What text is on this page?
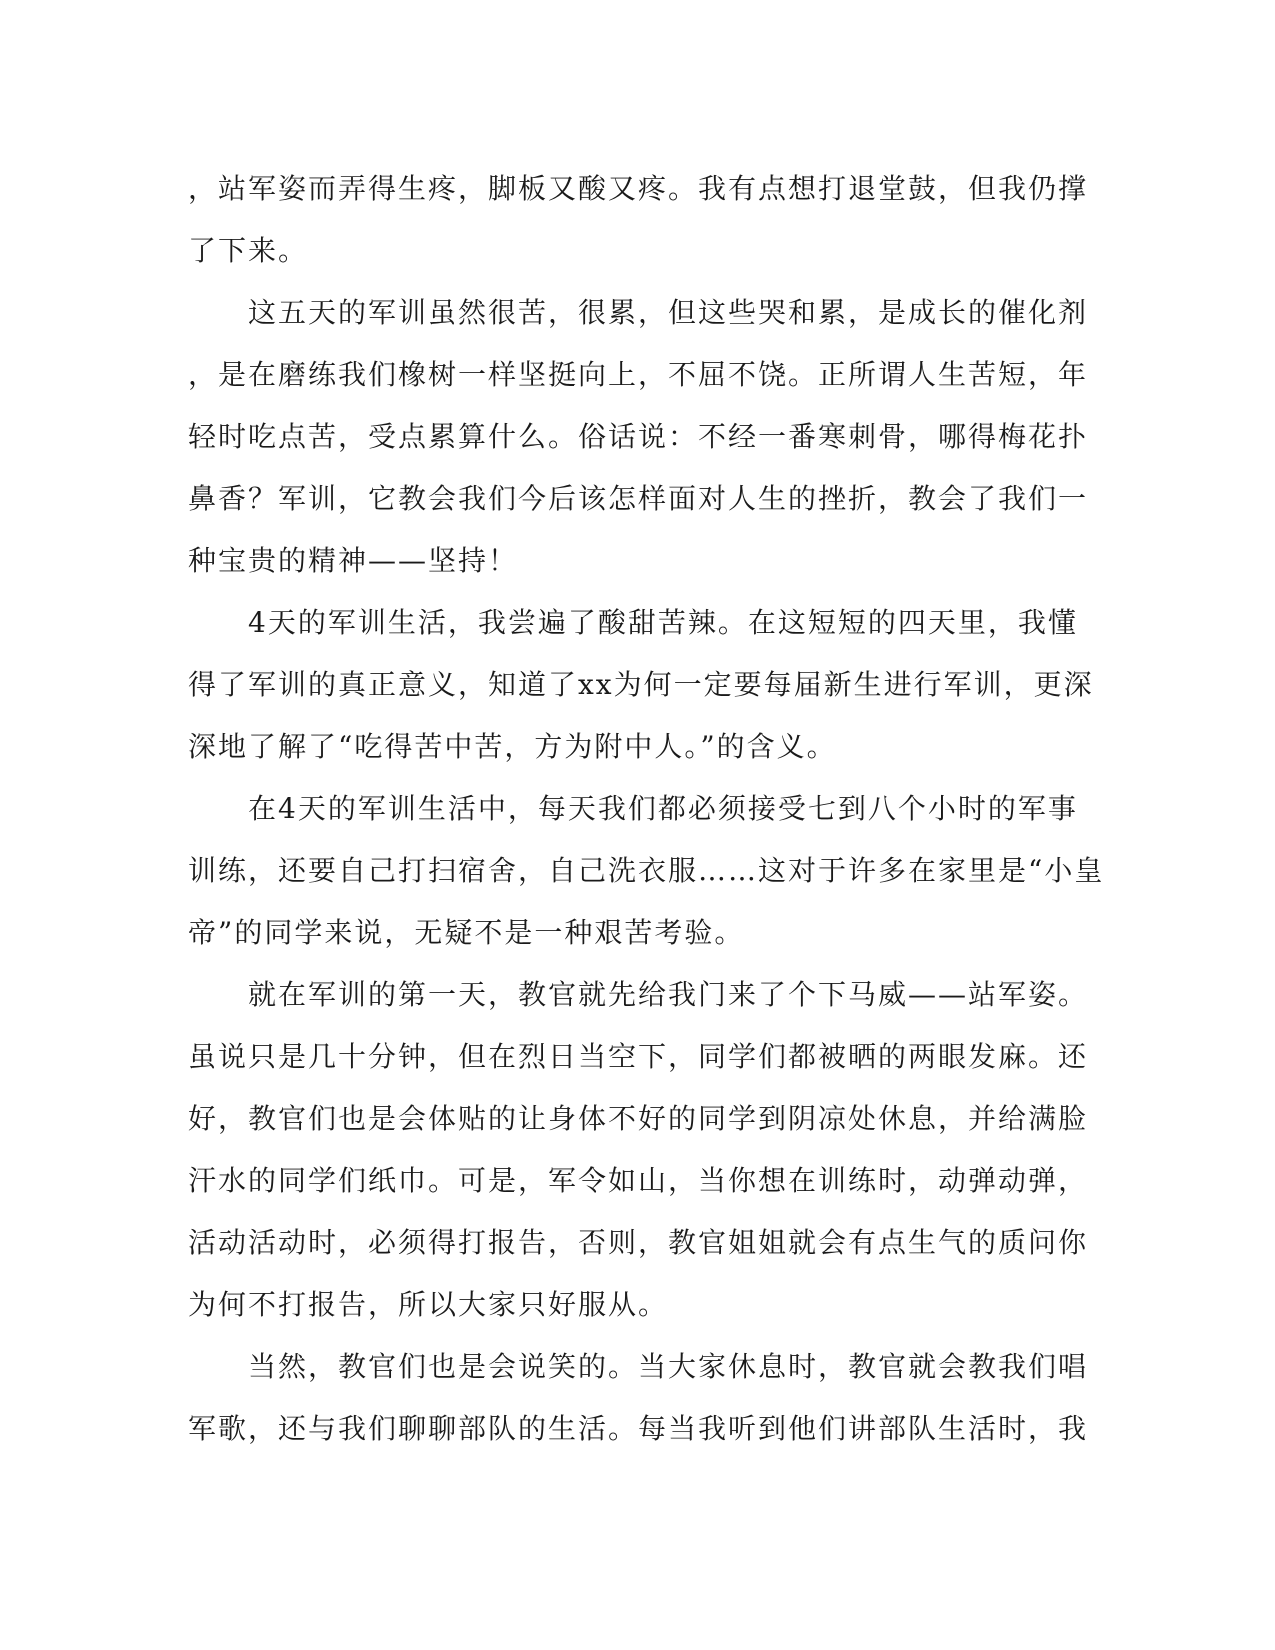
，站军姿而弄得生疼，脚板又酸又疼。我有点想打退堂鼓，但我仍撑
了下来。
　　这五天的军训虽然很苦，很累，但这些哭和累，是成长的催化剂
，是在磨练我们橡树一样坚挺向上，不屈不饶。正所谓人生苦短，年
轻时吃点苦，受点累算什么。俗话说：不经一番寒刺骨，哪得梅花扑
鼻香？军训，它教会我们今后该怎样面对人生的挫折，教会了我们一
种宝贵的精神——坚持！
　　4天的军训生活，我尝遍了酸甜苦辣。在这短短的四天里，我懂
得了军训的真正意义，知道了xx为何一定要每届新生进行军训，更深
深地了解了“吃得苦中苦，方为附中人。”的含义。
　　在4天的军训生活中，每天我们都必须接受七到八个小时的军事
训练，还要自己打扫宿舍，自己洗衣服……这对于许多在家里是“小皇
帝”的同学来说，无疑不是一种艰苦考验。
　　就在军训的第一天，教官就先给我门来了个下马威——站军姿。
虽说只是几十分钟，但在烈日当空下，同学们都被晒的两眼发麻。还
好，教官们也是会体贴的让身体不好的同学到阴凉处休息，并给满脸
汗水的同学们纸巾。可是，军令如山，当你想在训练时，动弹动弹，
活动活动时，必须得打报告，否则，教官姐姐就会有点生气的质问你
为何不打报告，所以大家只好服从。
　　当然，教官们也是会说笑的。当大家休息时，教官就会教我们唱
军歌，还与我们聊聊部队的生活。每当我听到他们讲部队生活时，我
